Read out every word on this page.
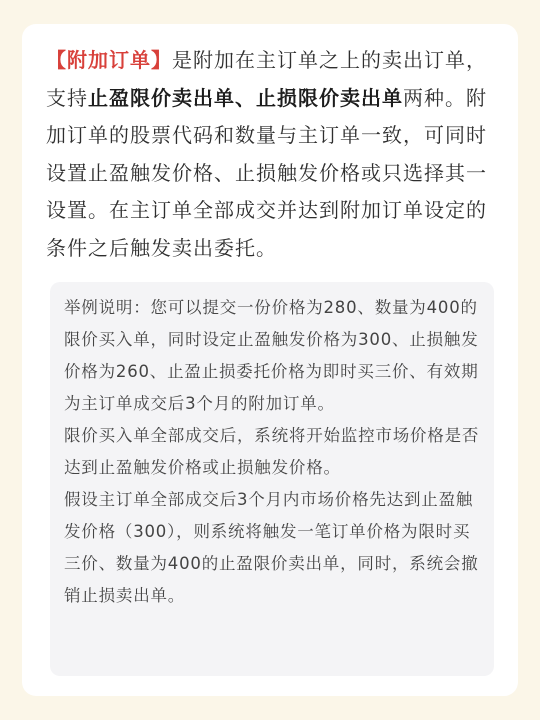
【附加订单】是附加在主订单之上的卖出订单，支持止盈限价卖出单、止损限价卖出单两种。附加订单的股票代码和数量与主订单一致，可同时设置止盈触发价格、止损触发价格或只选择其一设置。在主订单全部成交并达到附加订单设定的条件之后触发卖出委托。

举例说明：您可以提交一份价格为280、数量为400的限价买入单，同时设定止盈触发价格为300、止损触发价格为260、止盈止损委托价格为即时买三价、有效期为主订单成交后3个月的附加订单。

限价买入单全部成交后，系统将开始监控市场价格是否达到止盈触发价格或止损触发价格。

假设主订单全部成交后3个月内市场价格先达到止盈触发价格（300），则系统将触发一笔订单价格为限时买三价、数量为400的止盈限价卖出单，同时，系统会撤销止损卖出单。
